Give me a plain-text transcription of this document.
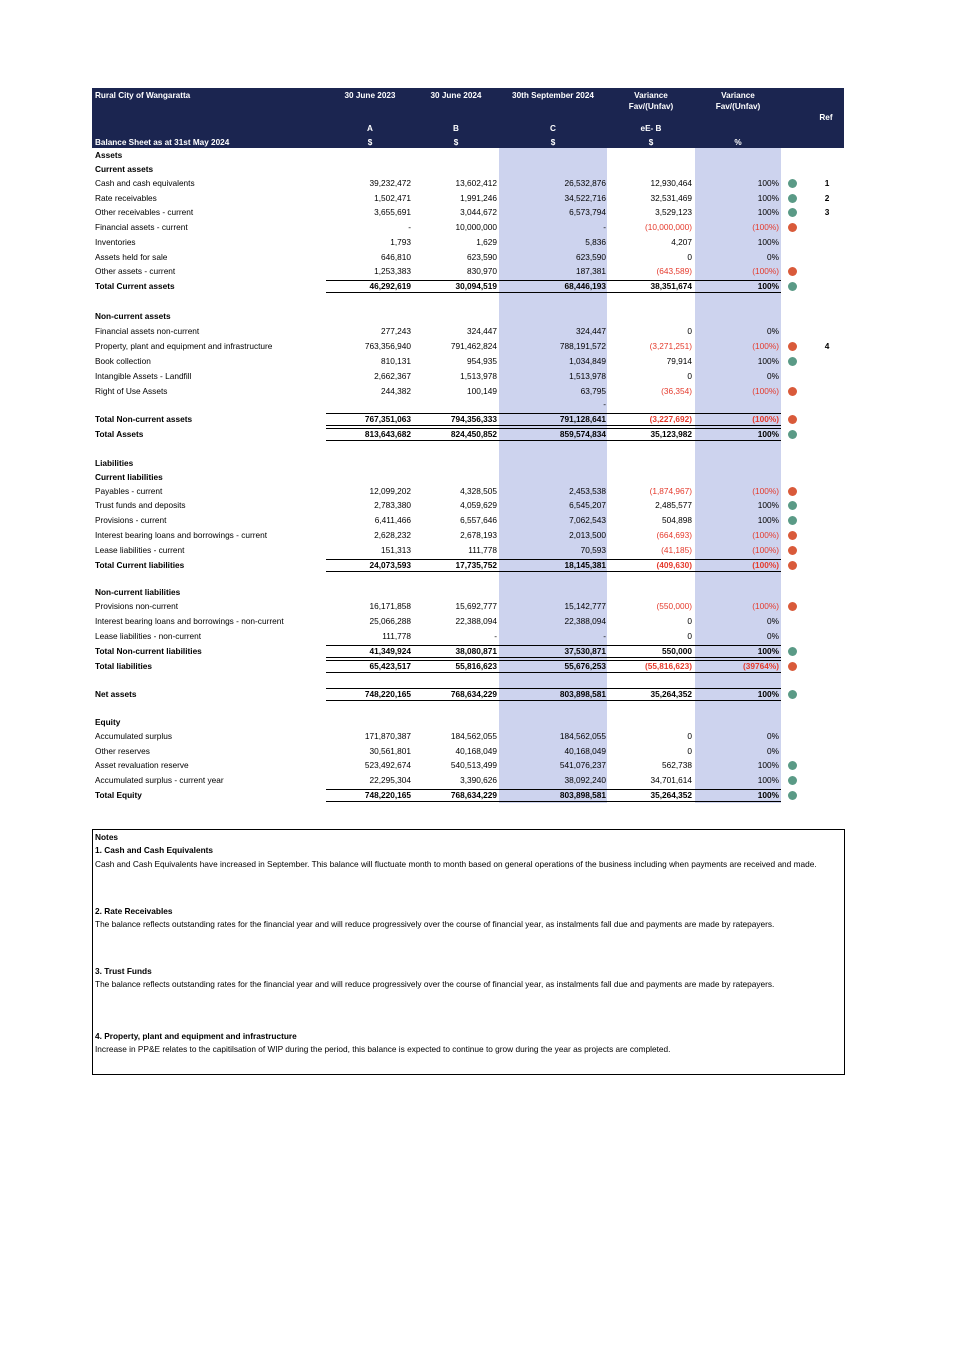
Rural City of Wangaratta
Balance Sheet as at 31st May 2024
30 June 2023	30 June 2024	30th September 2024	Variance
Fav/(Unfav)
Variance
Fav/(Unfav)
Ref
A	B	C	eE- B
$	$	$	$	%
Assets
Current assets
Cash and cash equivalents	39,232,472	13,602,412	26,532,876	12,930,464	100%	1
Rate receivables	1,502,471	1,991,246	34,522,716	32,531,469	100%	2
Other receivables - current	3,655,691	3,044,672	6,573,794	3,529,123	100%	3
Financial assets - current	-	10,000,000	-	(10,000,000)	(100%)
Inventories	1,793	1,629	5,836	4,207	100%
Assets held for sale	646,810	623,590	623,590	0	0%
Other assets - current	1,253,383	830,970	187,381	(643,589)	(100%)
Total Current assets	46,292,619	30,094,519	68,446,193	38,351,674	100%
Non-current assets
Financial assets non-current	277,243	324,447	324,447	0	0%
Property, plant and equipment and infrastructure	763,356,940	791,462,824	788,191,572	(3,271,251)	(100%)	4
Book collection	810,131	954,935	1,034,849	79,914	100%
Intangible Assets - Landfill	2,662,367	1,513,978	1,513,978	0	0%
Right of Use Assets	244,382	100,149	63,795	(36,354)	(100%)
-
Total Non-current assets	767,351,063	794,356,333	791,128,641	(3,227,692)	(100%)
Total Assets	813,643,682	824,450,852	859,574,834	35,123,982	100%
Liabilities
Current liabilities
Payables - current	12,099,202	4,328,505	2,453,538	(1,874,967)	(100%)
Trust funds and deposits	2,783,380	4,059,629	6,545,207	2,485,577	100%
Provisions - current	6,411,466	6,557,646	7,062,543	504,898	100%
Interest bearing loans and borrowings - current	2,628,232	2,678,193	2,013,500	(664,693)	(100%)
Lease liabilities - current	151,313	111,778	70,593	(41,185)	(100%)
Total Current liabilities	24,073,593	17,735,752	18,145,381	(409,630)	(100%)
Non-current liabilities
Provisions non-current	16,171,858	15,692,777	15,142,777	(550,000)	(100%)
Interest bearing loans and borrowings - non-current	25,066,288	22,388,094	22,388,094	0	0%
Lease liabilities - non-current	111,778	-	-	0	0%
Total Non-current liabilities	41,349,924	38,080,871	37,530,871	550,000	100%
Total liabilities	65,423,517	55,816,623	55,676,253	(55,816,623)	(39764%)
Net assets	748,220,165	768,634,229	803,898,581	35,264,352	100%
Equity
Accumulated surplus	171,870,387	184,562,055	184,562,055	0	0%
Other reserves	30,561,801	40,168,049	40,168,049	0	0%
Asset revaluation reserve	523,492,674	540,513,499	541,076,237	562,738	100%
Accumulated surplus - current year	22,295,304	3,390,626	38,092,240	34,701,614	100%
Total Equity	748,220,165	768,634,229	803,898,581	35,264,352	100%
Notes
1. Cash and Cash Equivalents
Cash and Cash Equivalents have increased in September. This balance will fluctuate month to month based on general operations of the business including when payments are received and made.
2. Rate Receivables
The balance reflects outstanding rates for the financial year and will reduce progressively over the course of financial year, as instalments fall due and payments are made by ratepayers.
3. Trust Funds
The balance reflects outstanding rates for the financial year and will reduce progressively over the course of financial year, as instalments fall due and payments are made by ratepayers.
4. Property, plant and equipment and infrastructure
Increase in PP&E relates to the capitilsation of WIP during the period, this balance is expected to continue to grow during the year as projects are completed.
